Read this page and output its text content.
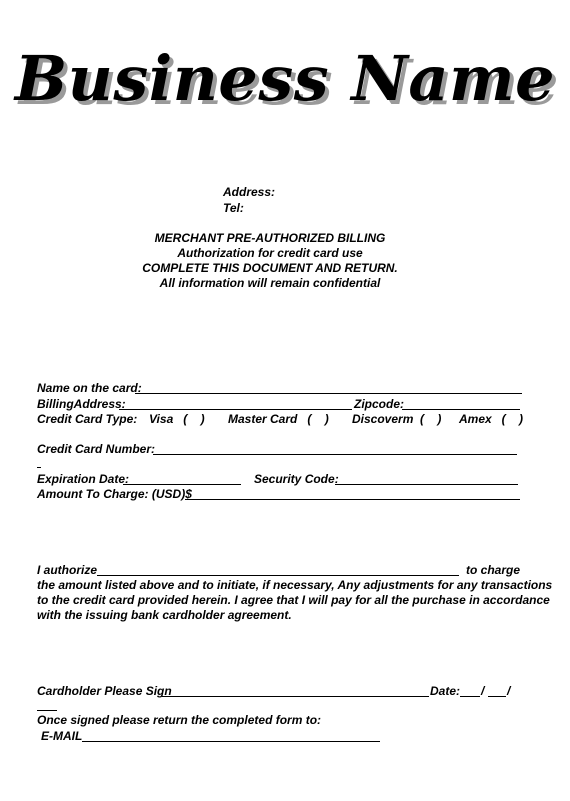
Business Name
Address:
Tel:
MERCHANT PRE-AUTHORIZED BILLING
Authorization for credit card use
COMPLETE THIS DOCUMENT AND RETURN.
All information will remain confidential
Name on the card:
BillingAddress:	Zipcode:
Credit Card Type: Visa   (    ) Master Card   (    ) Discoverm  (    ) Amex   (    )
Credit Card Number:
Expiration Date:	Security Code:
Amount To Charge: (USD)$
I authorize	to charge
the amount listed above and to initiate, if necessary, Any adjustments for any transactions
to the credit card provided herein. I agree that I will pay for all the purchase in accordance
with the issuing bank cardholder agreement.
Cardholder Please Sign	Date: / /
Once signed please return the completed form to:
E-MAIL
